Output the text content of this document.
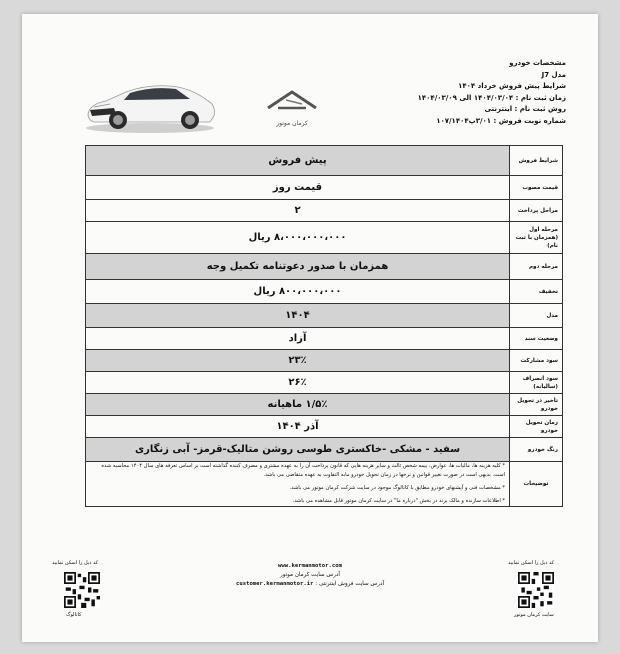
مشخصات خودرو
مدل J7
شرایط پیش فروش خرداد ۱۴۰۴
زمان ثبت نام : ۱۴۰۴/۰۳/۰۴ الی ۱۴۰۴/۰۳/۰۹
روش ثبت نام : اینترنتی
شماره نوبت فروش : ۳/۰۱پ۱۰۷/۱۴۰۴
کرمان موتور
شرایط فروش	پیش فروش
قیمت مصوب	قیمت روز
مراحل پرداخت	۲
مرحله اول (همزمان با ثبت نام)	۸،۰۰۰،۰۰۰،۰۰۰ ریال
مرحله دوم	همزمان با صدور دعوتنامه تکمیل وجه
تخفیف	۸۰۰،۰۰۰،۰۰۰ ریال
مدل	۱۴۰۴
وضعیت سند	آزاد
سود مشارکت	۲۳٪
سود انصراف (سالیانه)	۲۶٪
تاخیر در تحویل خودرو	۱/۵٪ ماهیانه
زمان تحویل خودرو	آذر ۱۴۰۴
رنگ خودرو	سفید - مشکی -خاکستری طوسی روشن متالیک-قرمز- آبی زنگاری
توضیحات	* کلیه هزینه ها، مالیات ها، عوارض، بیمه شخص ثالث و سایر هزینه هایی که قانون پرداخت آن را به عهده مشتری و مصرف کننده گذاشته است بر اساس تعرفه های سال ۱۴۰۴ محاسبه شده است. بدیهی است در صورت تغییر قوانین و نرخها در زمان تحویل خودرو مابه التفاوت به عهده متقاضی می باشد.
* مشخصات فنی و آپشنهای خودرو مطابق با کاتالوگ موجود در سایت شرکت کرمان موتور می باشد.
* اطلاعات سازنده و مالک برند در بخش "درباره ما" در سایت کرمان موتور قابل مشاهده می باشد.
کد ذیل را اسکن نمایید
کاتالوگ
www.kermanmotor.com
آدرس سایت کرمان موتور
آدرس سایت فروش اینترنتی : customer.kermanmotor.ir
کد ذیل را اسکن نمایید
سایت کرمان موتور
